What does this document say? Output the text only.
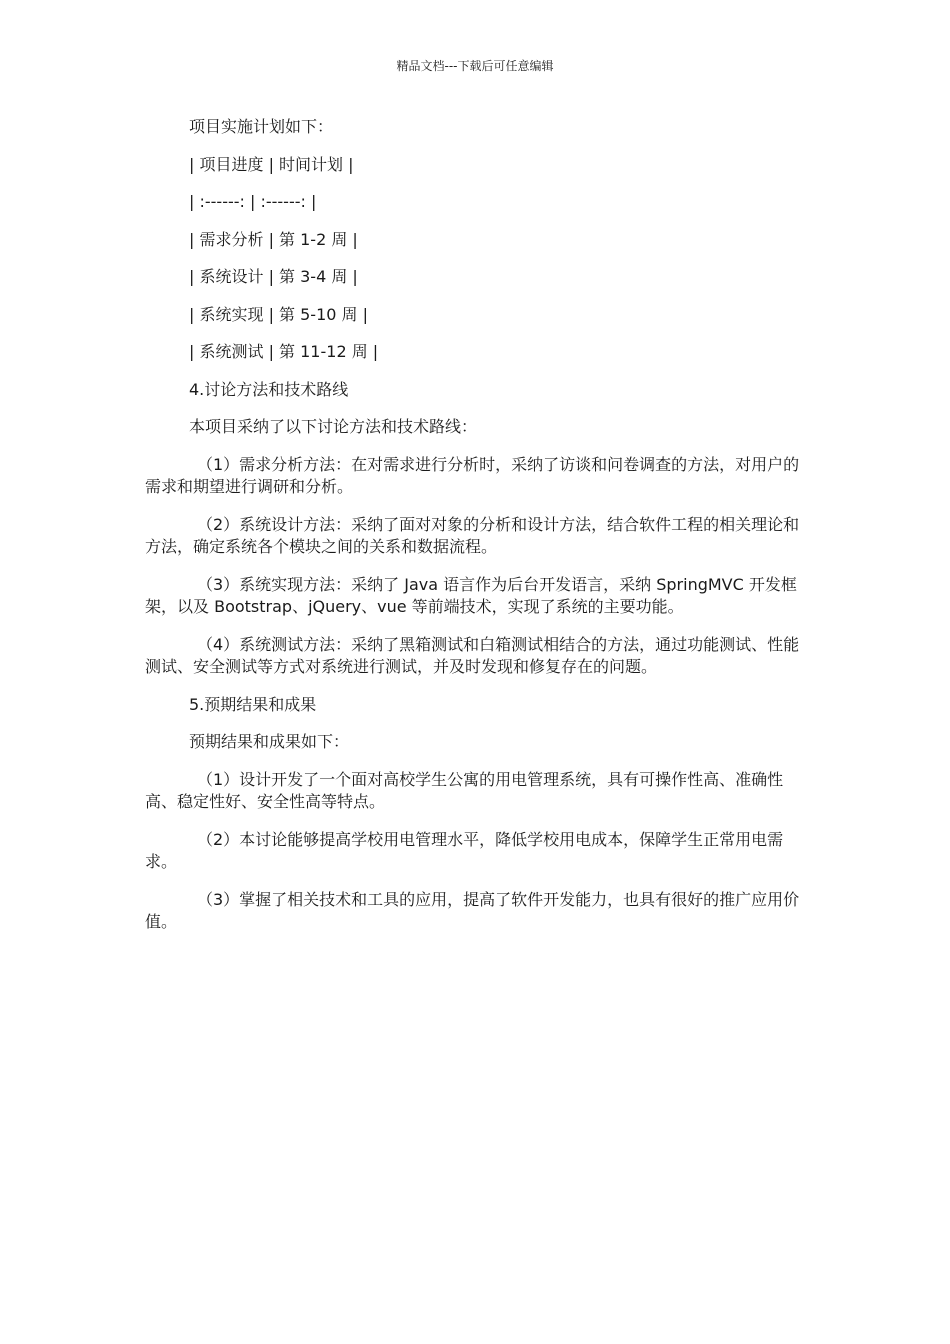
精品文档---下载后可任意编辑
项目实施计划如下：
| 项目进度 | 时间计划 |
| :------: | :------: |
| 需求分析 | 第 1-2 周 |
| 系统设计 | 第 3-4 周 |
| 系统实现 | 第 5-10 周 |
| 系统测试 | 第 11-12 周 |
4.讨论方法和技术路线
本项目采纳了以下讨论方法和技术路线：
（1）需求分析方法：在对需求进行分析时，采纳了访谈和问卷调查的方法，对用户的需求和期望进行调研和分析。
（2）系统设计方法：采纳了面对对象的分析和设计方法，结合软件工程的相关理论和方法，确定系统各个模块之间的关系和数据流程。
（3）系统实现方法：采纳了 Java 语言作为后台开发语言，采纳 SpringMVC 开发框架，以及 Bootstrap、jQuery、vue 等前端技术，实现了系统的主要功能。
（4）系统测试方法：采纳了黑箱测试和白箱测试相结合的方法，通过功能测试、性能测试、安全测试等方式对系统进行测试，并及时发现和修复存在的问题。
5.预期结果和成果
预期结果和成果如下：
（1）设计开发了一个面对高校学生公寓的用电管理系统，具有可操作性高、准确性高、稳定性好、安全性高等特点。
（2）本讨论能够提高学校用电管理水平，降低学校用电成本，保障学生正常用电需求。
（3）掌握了相关技术和工具的应用，提高了软件开发能力，也具有很好的推广应用价值。
